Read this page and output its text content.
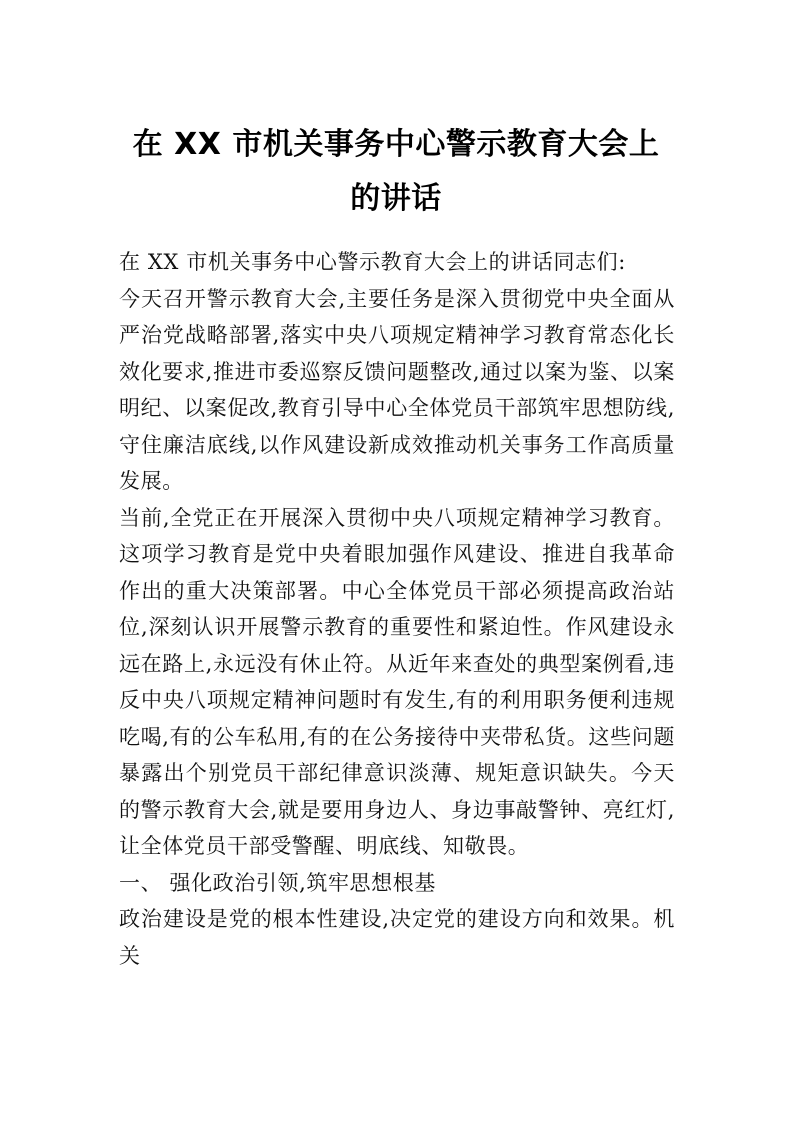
在 XX 市机关事务中心警示教育大会上的讲话

在 XX 市机关事务中心警示教育大会上的讲话同志们:

今天召开警示教育大会,主要任务是深入贯彻党中央全面从严治党战略部署,落实中央八项规定精神学习教育常态化长效化要求,推进市委巡察反馈问题整改,通过以案为鉴、以案明纪、以案促改,教育引导中心全体党员干部筑牢思想防线,守住廉洁底线,以作风建设新成效推动机关事务工作高质量发展。

当前,全党正在开展深入贯彻中央八项规定精神学习教育。这项学习教育是党中央着眼加强作风建设、推进自我革命作出的重大决策部署。中心全体党员干部必须提高政治站位,深刻认识开展警示教育的重要性和紧迫性。作风建设永远在路上,永远没有休止符。从近年来查处的典型案例看,违反中央八项规定精神问题时有发生,有的利用职务便利违规吃喝,有的公车私用,有的在公务接待中夹带私货。这些问题暴露出个别党员干部纪律意识淡薄、规矩意识缺失。今天的警示教育大会,就是要用身边人、身边事敲警钟、亮红灯,让全体党员干部受警醒、明底线、知敬畏。

一、 强化政治引领,筑牢思想根基

政治建设是党的根本性建设,决定党的建设方向和效果。机关
